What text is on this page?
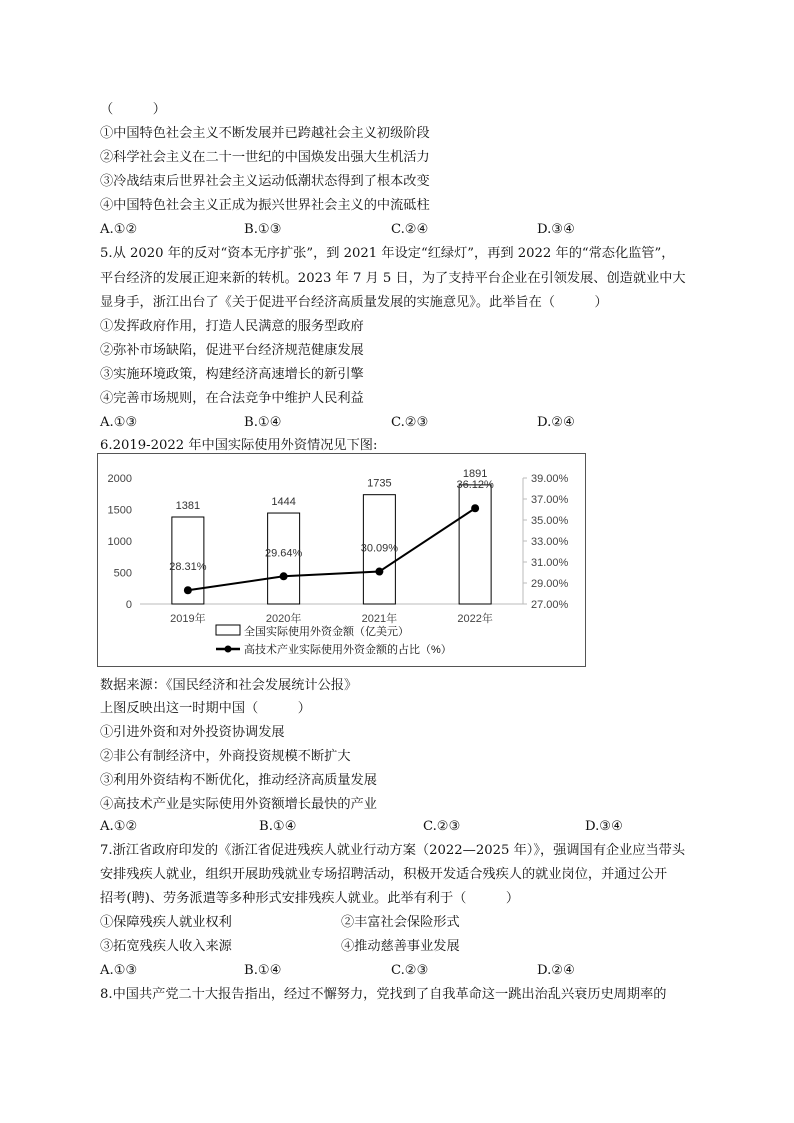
（　　　）
①中国特色社会主义不断发展并已跨越社会主义初级阶段
②科学社会主义在二十一世纪的中国焕发出强大生机活力
③冷战结束后世界社会主义运动低潮状态得到了根本改变
④中国特色社会主义正成为振兴世界社会主义的中流砥柱
A.①②	B.①③	C.②④	D.③④
5.从 2020 年的反对“资本无序扩张”，到 2021 年设定“红绿灯”，再到 2022 年的“常态化监管”，
平台经济的发展正迎来新的转机。2023 年 7 月 5 日，为了支持平台企业在引领发展、创造就业中大
显身手，浙江出台了《关于促进平台经济高质量发展的实施意见》。此举旨在（　　　）
①发挥政府作用，打造人民满意的服务型政府
②弥补市场缺陷，促进平台经济规范健康发展
③实施环境政策，构建经济高速增长的新引擎
④完善市场规则，在合法竞争中维护人民利益
A.①③	B.①④	C.②③	D.②④
6.2019-2022 年中国实际使用外资情况见下图:
0
500
1000
1500
2000
27.00%
29.00%
31.00%
33.00%
35.00%
37.00%
39.00%
1381	1444
1735
1891
28.31%
29.64%	30.09%
36.12%
2019年	2020年	2021年	2022年
全国实际使用外资金额（亿美元）
高技术产业实际使用外资金额的占比（%）
数据来源：《国民经济和社会发展统计公报》
上图反映出这一时期中国（　　　）
①引进外资和对外投资协调发展
②非公有制经济中，外商投资规模不断扩大
③利用外资结构不断优化，推动经济高质量发展
④高技术产业是实际使用外资额增长最快的产业
A.①②	B.①④	C.②③	D.③④
7.浙江省政府印发的《浙江省促进残疾人就业行动方案（2022—2025 年）》，强调国有企业应当带头
安排残疾人就业，组织开展助残就业专场招聘活动，积极开发适合残疾人的就业岗位，并通过公开
招考(聘)、劳务派遣等多种形式安排残疾人就业。此举有利于（　　　）
①保障残疾人就业权利	②丰富社会保险形式
③拓宽残疾人收入来源	④推动慈善事业发展
A.①③	B.①④	C.②③	D.②④
8.中国共产党二十大报告指出，经过不懈努力，党找到了自我革命这一跳出治乱兴衰历史周期率的
